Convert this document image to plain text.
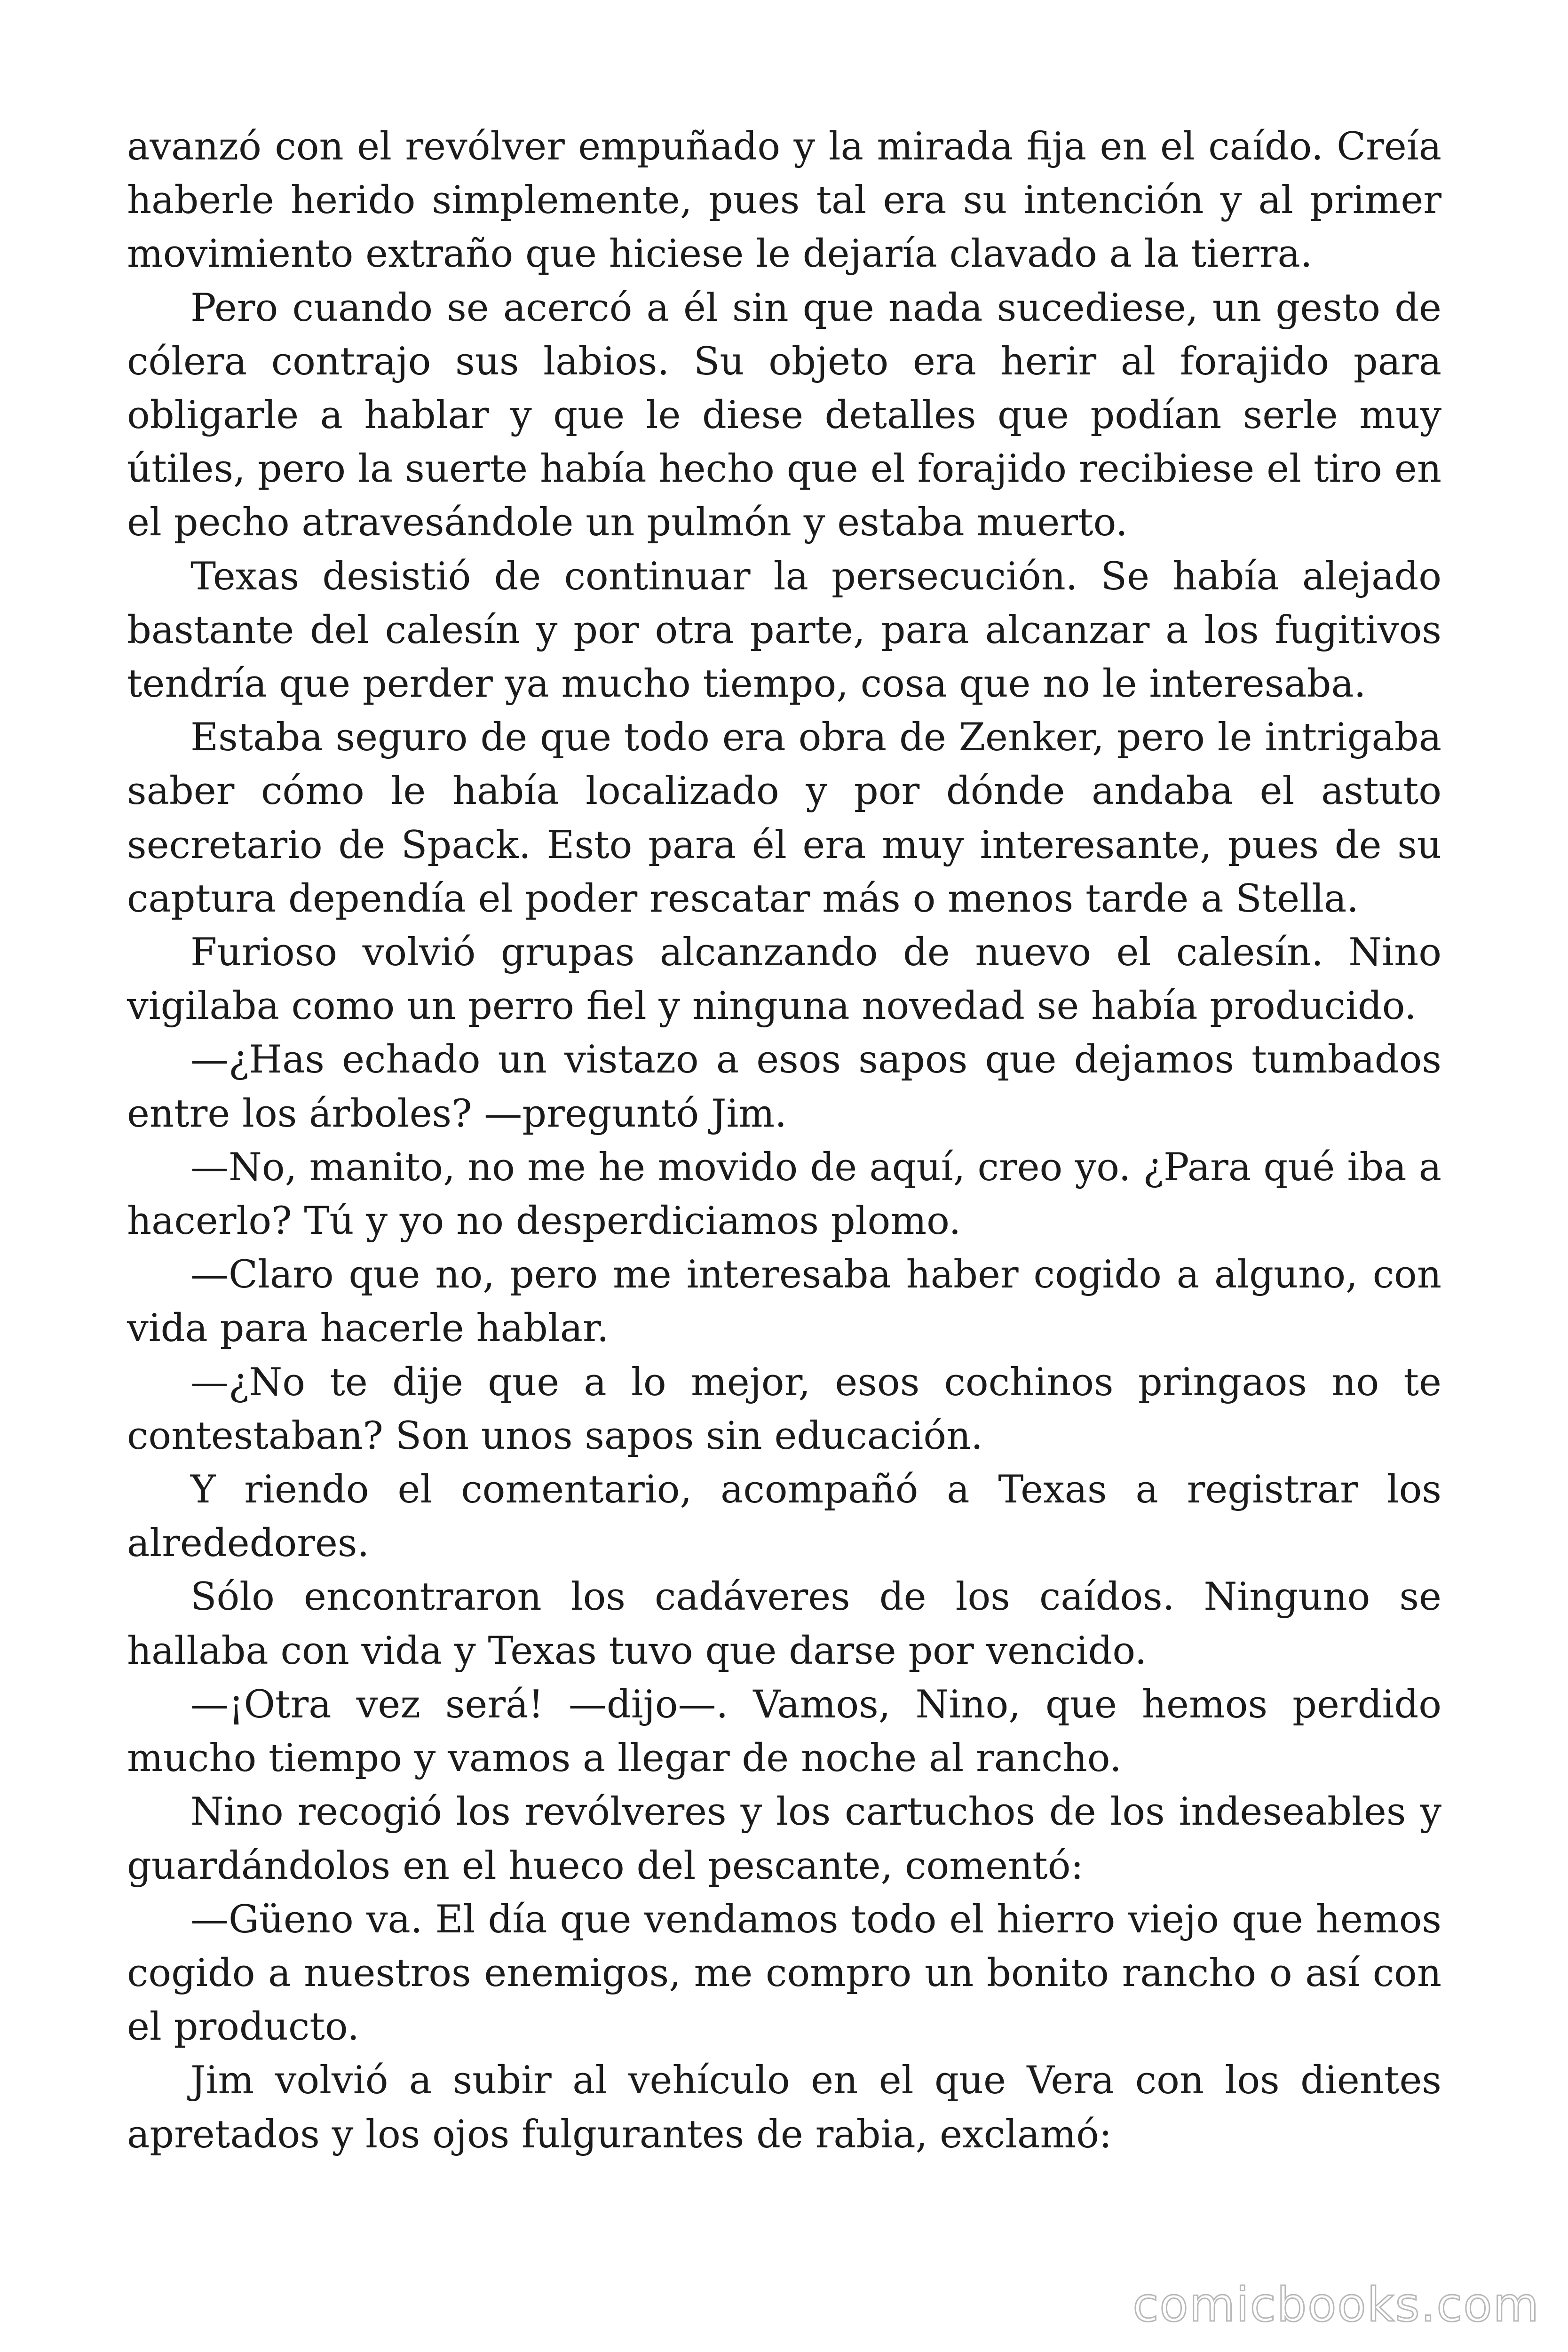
avanzó con el revólver empuñado y la mirada fija en el caído. Creía haberle herido simplemente, pues tal era su intención y al primer movimiento extraño que hiciese le dejaría clavado a la tierra.

Pero cuando se acercó a él sin que nada sucediese, un gesto de cólera contrajo sus labios. Su objeto era herir al forajido para obligarle a hablar y que le diese detalles que podían serle muy útiles, pero la suerte había hecho que el forajido recibiese el tiro en el pecho atravesándole un pulmón y estaba muerto.

Texas desistió de continuar la persecución. Se había alejado bastante del calesín y por otra parte, para alcanzar a los fugitivos tendría que perder ya mucho tiempo, cosa que no le interesaba.

Estaba seguro de que todo era obra de Zenker, pero le intrigaba saber cómo le había localizado y por dónde andaba el astuto secretario de Spack. Esto para él era muy interesante, pues de su captura dependía el poder rescatar más o menos tarde a Stella.

Furioso volvió grupas alcanzando de nuevo el calesín. Nino vigilaba como un perro fiel y ninguna novedad se había producido.

—¿Has echado un vistazo a esos sapos que dejamos tumbados entre los árboles? —preguntó Jim.

—No, manito, no me he movido de aquí, creo yo. ¿Para qué iba a hacerlo? Tú y yo no desperdiciamos plomo.

—Claro que no, pero me interesaba haber cogido a alguno, con vida para hacerle hablar.

—¿No te dije que a lo mejor, esos cochinos pringaos no te contestaban? Son unos sapos sin educación.

Y riendo el comentario, acompañó a Texas a registrar los alrededores.

Sólo encontraron los cadáveres de los caídos. Ninguno se hallaba con vida y Texas tuvo que darse por vencido.

—¡Otra vez será! —dijo—. Vamos, Nino, que hemos perdido mucho tiempo y vamos a llegar de noche al rancho.

Nino recogió los revólveres y los cartuchos de los indeseables y guardándolos en el hueco del pescante, comentó:

—Güeno va. El día que vendamos todo el hierro viejo que hemos cogido a nuestros enemigos, me compro un bonito rancho o así con el producto.

Jim volvió a subir al vehículo en el que Vera con los dientes apretados y los ojos fulgurantes de rabia, exclamó:

comicbooks.com
